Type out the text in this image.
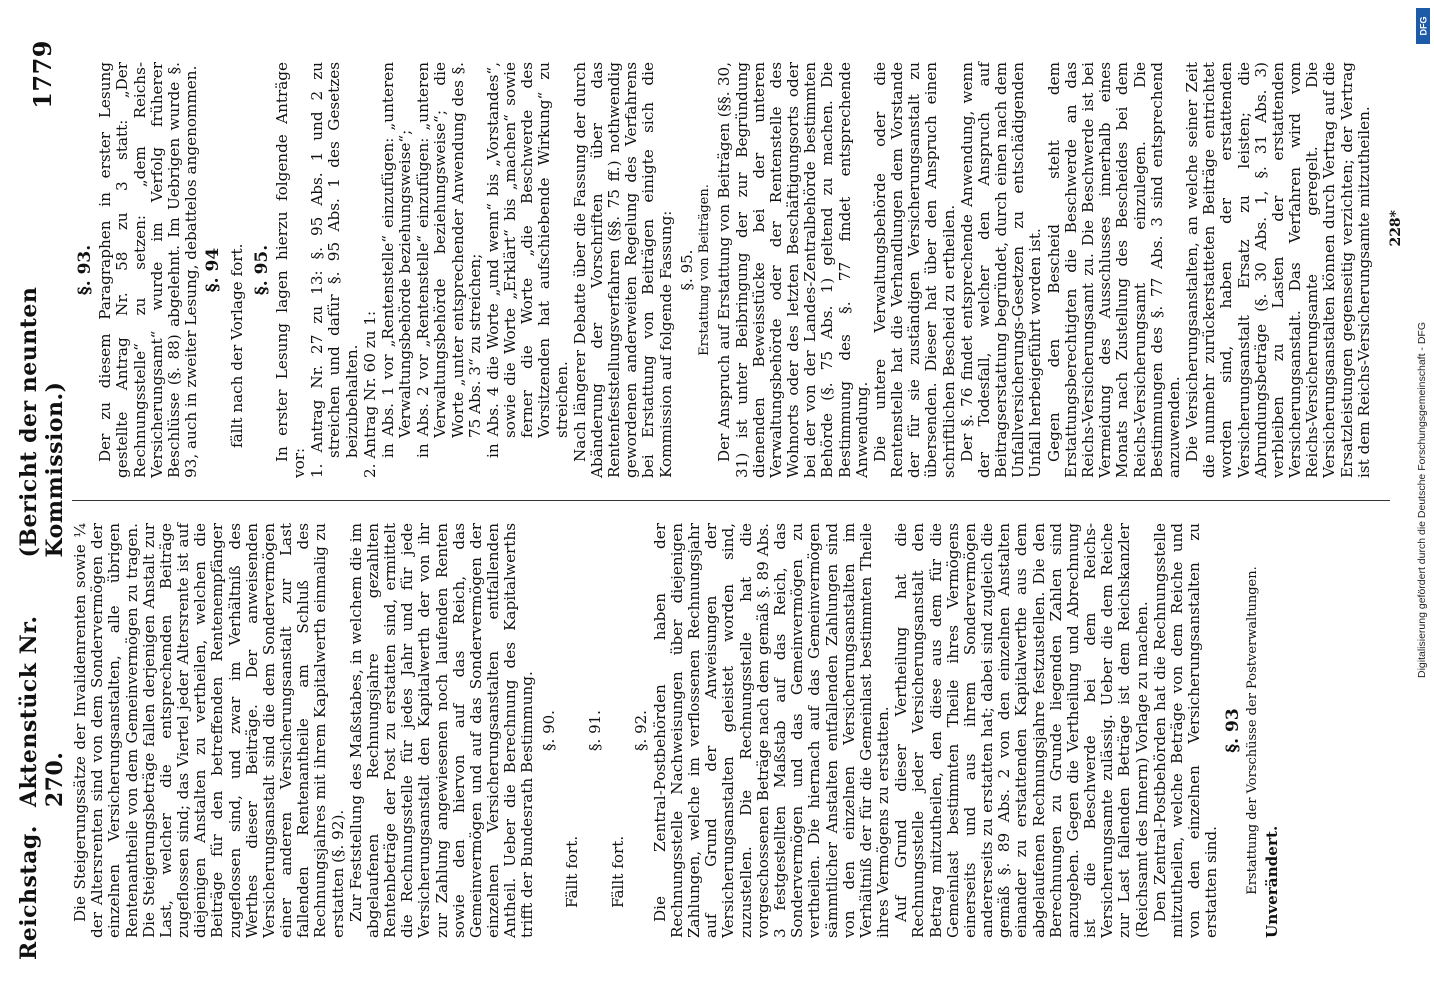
Reichstag.
Aktenstück Nr. 270.
(Bericht der neunten Kommission.)
1779

Die Steigerungssätze der Invalidenrenten sowie ¼ der Altersrenten sind von dem Sondervermögen der einzelnen Versicherungsanstalten, alle übrigen Rentenantheile von dem Gemeinvermögen zu tragen. Die Steigerungsbeträge fallen derjenigen Anstalt zur Last, welcher die entsprechenden Beiträge zugeflossen sind; das Viertel jeder Altersrente ist auf diejenigen Anstalten zu vertheilen, welchen die Beiträge für den betreffenden Rentenempfänger zugeflossen sind, und zwar im Verhältniß des Werthes dieser Beiträge. Der anweisenden Versicherungsanstalt sind die dem Sondervermögen einer anderen Versicherungsanstalt zur Last fallenden Rentenantheile am Schluß des Rechnungsjahres mit ihrem Kapitalwerth einmalig zu erstatten (§. 92). Zur Feststellung des Maßstabes, in welchem die im abgelaufenen Rechnungsjahre gezahlten Rentenbeträge der Post zu erstatten sind, ermittelt die Rechnungsstelle für jedes Jahr und für jede Versicherungsanstalt den Kapitalwerth der von ihr zur Zahlung angewiesenen noch laufenden Renten sowie den hiervon auf das Reich, das Gemeinvermögen und auf das Sondervermögen der einzelnen Versicherungsanstalten entfallenden Antheil. Ueber die Berechnung des Kapitalwerths trifft der Bundesrath Bestimmung. §. 90.

Fällt fort.

§. 91.

Fällt fort.

§. 92. Die Zentral-Postbehörden haben der Rechnungsstelle Nachweisungen über diejenigen Zahlungen, welche im verflossenen Rechnungsjahr auf Grund der Anweisungen der Versicherungsanstalten geleistet worden sind, zuzustellen. Die Rechnungsstelle hat die vorgeschossenen Beträge nach dem gemäß §. 89 Abs. 3 festgestellten Maßstab auf das Reich, das Sondervermögen und das Gemeinvermögen zu vertheilen. Die hiernach auf das Gemeinvermögen sämmtlicher Anstalten entfallenden Zahlungen sind von den einzelnen Versicherungsanstalten im Verhältniß der für die Gemeinlast bestimmten Theile ihres Vermögens zu erstatten. Auf Grund dieser Vertheilung hat die Rechnungsstelle jeder Versicherungsanstalt den Betrag mitzutheilen, den diese aus dem für die Gemeinlast bestimmten Theile ihres Vermögens einerseits und aus ihrem Sondervermögen andererseits zu erstatten hat; dabei sind zugleich die gemäß §. 89 Abs. 2 von den einzelnen Anstalten einander zu erstattenden Kapitalwerthe aus dem abgelaufenen Rechnungsjahre festzustellen. Die den Berechnungen zu Grunde liegenden Zahlen sind anzugeben. Gegen die Vertheilung und Abrechnung ist die Beschwerde bei dem Reichs-Versicherungsamte zulässig. Ueber die dem Reiche zur Last fallenden Beträge ist dem Reichskanzler (Reichsamt des Innern) Vorlage zu machen. Den Zentral-Postbehörden hat die Rechnungsstelle mitzutheilen, welche Beträge von dem Reiche und von den einzelnen Versicherungsanstalten zu erstatten sind.

§. 93 Erstattung der Vorschüsse der Postverwaltungen. Unverändert.

§. 93. Der zu diesem Paragraphen in erster Lesung gestellte Antrag Nr. 58 zu 3 statt: „Der Rechnungsstelle“ zu setzen: „dem Reichs-Versicherungsamt“ wurde im Verfolg früherer Beschlüsse (§. 88) abgelehnt. Im Uebrigen wurde §. 93, auch in zweiter Lesung, debattelos angenommen. §. 94 fällt nach der Vorlage fort. §. 95. In erster Lesung lagen hierzu folgende Anträge vor: 1. Antrag Nr. 27 zu 13: §. 95 Abs. 1 und 2 zu streichen und dafür §. 95 Abs. 1 des Gesetzes beizubehalten. 2. Antrag Nr. 60 zu 1: in Abs. 1 vor „Rentenstelle“ einzufügen: „unteren Verwaltungsbehörde beziehungsweise“; in Abs. 2 vor „Rentenstelle“ einzufügen: „unteren Verwaltungsbehörde beziehungsweise“; die Worte „unter entsprechender Anwendung des §. 75 Abs. 3“ zu streichen; in Abs. 4 die Worte „und wenn“ bis „Vorstandes“, sowie die Worte „Erklärt“ bis „machen“ sowie ferner die Worte „die Beschwerde des Vorsitzenden hat aufschiebende Wirkung“ zu streichen. Nach längerer Debatte über die Fassung der durch Abänderung der Vorschriften über das Rentenfeststellungsverfahren (§§. 75 ff.) nothwendig gewordenen anderweiten Regelung des Verfahrens bei Erstattung von Beiträgen einigte sich die Kommission auf folgende Fassung: §. 95. Erstattung von Beiträgen. Der Anspruch auf Erstattung von Beiträgen (§§. 30, 31) ist unter Beibringung der zur Begründung dienenden Beweisstücke bei der unteren Verwaltungsbehörde oder der Rentenstelle des Wohnorts oder des letzten Beschäftigungsorts oder bei der von der Landes-Zentralbehörde bestimmten Behörde (§. 75 Abs. 1) geltend zu machen. Die Bestimmung des §. 77 findet entsprechende Anwendung. Die untere Verwaltungsbehörde oder die Rentenstelle hat die Verhandlungen dem Vorstande der für sie zuständigen Versicherungsanstalt zu übersenden. Dieser hat über den Anspruch einen schriftlichen Bescheid zu ertheilen. Der §. 76 findet entsprechende Anwendung, wenn der Todesfall, welcher den Anspruch auf Beitragserstattung begründet, durch einen nach dem Unfallversicherungs-Gesetzen zu entschädigenden Unfall herbeigeführt worden ist. Gegen den Bescheid steht dem Erstattungsberechtigten die Beschwerde an das Reichs-Versicherungsamt zu. Die Beschwerde ist bei Vermeidung des Ausschlusses innerhalb eines Monats nach Zustellung des Bescheides bei dem Reichs-Versicherungsamt einzulegen. Die Bestimmungen des §. 77 Abs. 3 sind entsprechend anzuwenden. Die Versicherungsanstalten, an welche seiner Zeit die nunmehr zurückerstatteten Beiträge entrichtet worden sind, haben der erstattenden Versicherungsanstalt Ersatz zu leisten; die Abrundungsbeträge (§. 30 Abs. 1, §. 31 Abs. 3) verbleiben zu Lasten der erstattenden Versicherungsanstalt. Das Verfahren wird vom Reichs-Versicherungsamte geregelt. Die Versicherungsanstalten können durch Vertrag auf die Ersatzleistungen gegenseitig verzichten; der Vertrag ist dem Reichs-Versicherungsamte mitzutheilen. 228*
DFG
Digitalisierung gefördert durch die Deutsche Forschungsgemeinschaft - DFG
